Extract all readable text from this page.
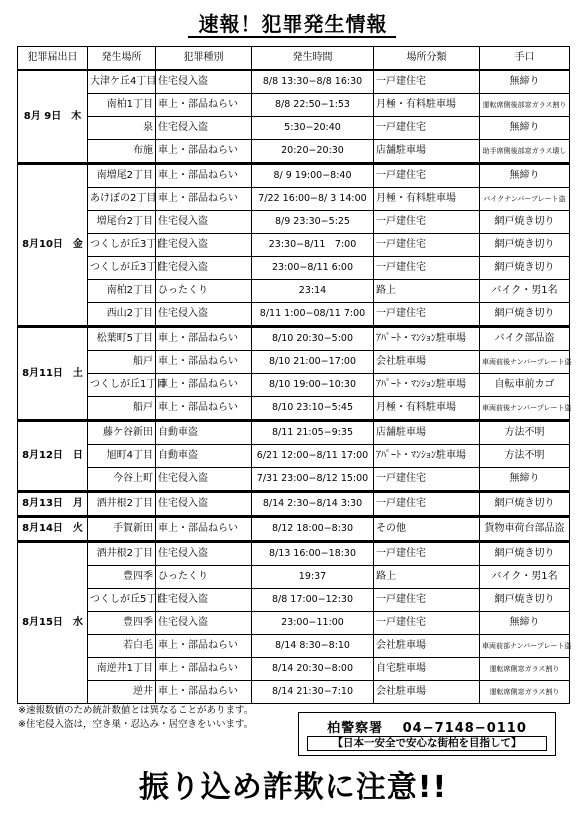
速報！犯罪発生情報
犯罪届出日	発生場所	犯罪種別	発生時間	場所分類	手口
8月 9日　木	大津ケ丘4丁目	住宅侵入盗	8/8 13:30−8/8 16:30	一戸建住宅	無締り
	南柏1丁目	車上・部品ねらい	8/8 22:50−1:53	月極・有料駐車場	運転席側後部窓ガラス割り
	泉	住宅侵入盗	5:30−20:40	一戸建住宅	無締り
	布施	車上・部品ねらい	20:20−20:30	店舗駐車場	助手席側後部窓ガラス壊し
8月10日　金	南増尾2丁目	車上・部品ねらい	8/ 9 19:00−8:40	一戸建住宅	無締り
	あけぼの2丁目	車上・部品ねらい	7/22 16:00−8/ 3 14:00	月極・有料駐車場	バイクナンバープレート盗
	増尾台2丁目	住宅侵入盗	8/9 23:30−5:25	一戸建住宅	網戸焼き切り
	つくしが丘3丁目	住宅侵入盗	23:30−8/11　7:00	一戸建住宅	網戸焼き切り
	つくしが丘3丁目	住宅侵入盗	23:00−8/11 6:00	一戸建住宅	網戸焼き切り
	南柏2丁目	ひったくり	23:14	路上	バイク・男1名
	西山2丁目	住宅侵入盗	8/11 1:00−08/11 7:00	一戸建住宅	網戸焼き切り
8月11日　土	松葉町5丁目	車上・部品ねらい	8/10 20:30−5:00	ｱﾊﾟｰﾄ・ﾏﾝｼｮﾝ駐車場	バイク部品盗
	船戸	車上・部品ねらい	8/10 21:00−17:00	会社駐車場	車両前後ナンバープレート盗
	つくしが丘1丁目	車上・部品ねらい	8/10 19:00−10:30	ｱﾊﾟｰﾄ・ﾏﾝｼｮﾝ駐車場	自転車前カゴ
	船戸	車上・部品ねらい	8/10 23:10−5:45	月極・有料駐車場	車両前後ナンバープレート盗
8月12日　日	藤ケ谷新田	自動車盗	8/11 21:05−9:35	店舗駐車場	方法不明
	旭町4丁目	自動車盗	6/21 12:00−8/11 17:00	ｱﾊﾟｰﾄ・ﾏﾝｼｮﾝ駐車場	方法不明
	今谷上町	住宅侵入盗	7/31 23:00−8/12 15:00	一戸建住宅	無締り
8月13日　月	酒井根2丁目	住宅侵入盗	8/14 2:30−8/14 3:30	一戸建住宅	網戸焼き切り
8月14日　火	手賀新田	車上・部品ねらい	8/12 18:00−8:30	その他	貨物車荷台部品盗
8月15日　水	酒井根2丁目	住宅侵入盗	8/13 16:00−18:30	一戸建住宅	網戸焼き切り
	豊四季	ひったくり	19:37	路上	バイク・男1名
	つくしが丘5丁目	住宅侵入盗	8/8 17:00−12:30	一戸建住宅	網戸焼き切り
	豊四季	住宅侵入盗	23:00−11:00	一戸建住宅	無締り
	若白毛	車上・部品ねらい	8/14 8:30−8:10	会社駐車場	車両前部ナンバープレート盗
	南逆井1丁目	車上・部品ねらい	8/14 20:30−8:00	自宅駐車場	運転席側窓ガラス割り
	逆井	車上・部品ねらい	8/14 21:30−7:10	会社駐車場	運転席側窓ガラス割り
※速報数値のため統計数値とは異なることがあります。
※住宅侵入盗は，空き巣・忍込み・居空きをいいます。	柏警察署　 04−7148−0110
【日本一安全で安心な街柏を目指して】
振り込め詐欺に注意!!
